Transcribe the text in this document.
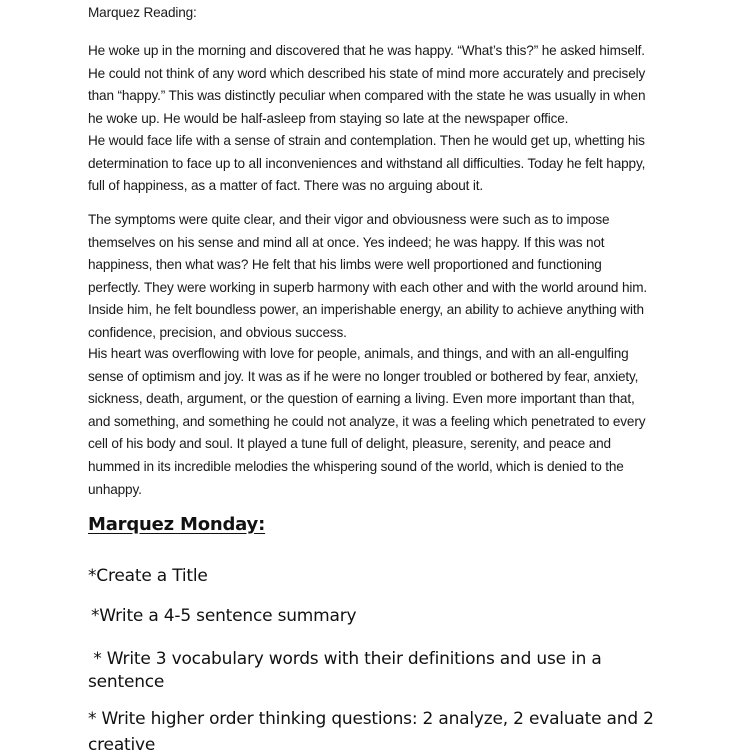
Marquez Reading:

He woke up in the morning and discovered that he was happy. “What’s this?” he asked himself.
He could not think of any word which described his state of mind more accurately and precisely
than “happy.” This was distinctly peculiar when compared with the state he was usually in when
he woke up. He would be half-asleep from staying so late at the newspaper office.

He would face life with a sense of strain and contemplation. Then he would get up, whetting his
determination to face up to all inconveniences and withstand all difficulties. Today he felt happy,
full of happiness, as a matter of fact. There was no arguing about it.

The symptoms were quite clear, and their vigor and obviousness were such as to impose
themselves on his sense and mind all at once. Yes indeed; he was happy. If this was not
happiness, then what was? He felt that his limbs were well proportioned and functioning
perfectly. They were working in superb harmony with each other and with the world around him.
Inside him, he felt boundless power, an imperishable energy, an ability to achieve anything with
confidence, precision, and obvious success.

His heart was overflowing with love for people, animals, and things, and with an all-engulfing
sense of optimism and joy. It was as if he were no longer troubled or bothered by fear, anxiety,
sickness, death, argument, or the question of earning a living. Even more important than that,
and something, and something he could not analyze, it was a feeling which penetrated to every
cell of his body and soul. It played a tune full of delight, pleasure, serenity, and peace and
hummed in its incredible melodies the whispering sound of the world, which is denied to the
unhappy.

Marquez Monday:
*Create a Title
*Write a 4-5 sentence summary
* Write 3 vocabulary words with their definitions and use in a
sentence
* Write higher order thinking questions: 2 analyze, 2 evaluate and 2
creative
